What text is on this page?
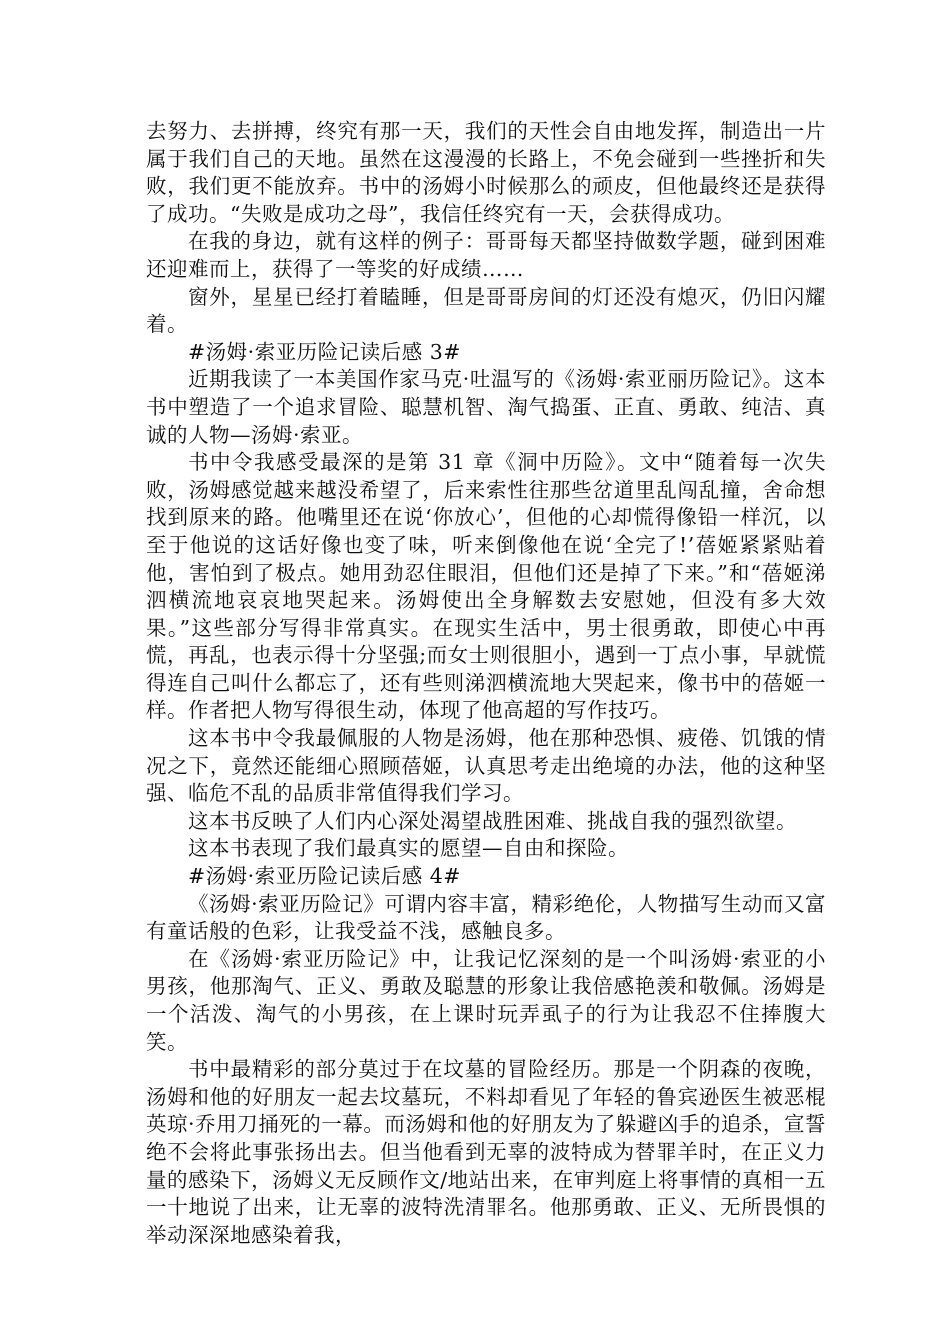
去努力、去拼搏，终究有那一天，我们的天性会自由地发挥，制造出一片属于我们自己的天地。虽然在这漫漫的长路上，不免会碰到一些挫折和失败，我们更不能放弃。书中的汤姆小时候那么的顽皮，但他最终还是获得了成功。“失败是成功之母”，我信任终究有一天，会获得成功。

在我的身边，就有这样的例子：哥哥每天都坚持做数学题，碰到困难还迎难而上，获得了一等奖的好成绩……

窗外，星星已经打着瞌睡，但是哥哥房间的灯还没有熄灭，仍旧闪耀着。

#汤姆·索亚历险记读后感 3#

近期我读了一本美国作家马克·吐温写的《汤姆·索亚丽历险记》。这本书中塑造了一个追求冒险、聪慧机智、淘气捣蛋、正直、勇敢、纯洁、真诚的人物—汤姆·索亚。

书中令我感受最深的是第 31 章《洞中历险》。文中“随着每一次失败，汤姆感觉越来越没希望了，后来索性往那些岔道里乱闯乱撞，舍命想找到原来的路。他嘴里还在说‘你放心’，但他的心却慌得像铅一样沉，以至于他说的这话好像也变了味，听来倒像他在说‘全完了!’蓓姬紧紧贴着他，害怕到了极点。她用劲忍住眼泪，但他们还是掉了下来。”和“蓓姬涕泗横流地哀哀地哭起来。汤姆使出全身解数去安慰她，但没有多大效果。”这些部分写得非常真实。在现实生活中，男士很勇敢，即使心中再慌，再乱，也表示得十分坚强;而女士则很胆小，遇到一丁点小事，早就慌得连自己叫什么都忘了，还有些则涕泗横流地大哭起来，像书中的蓓姬一样。作者把人物写得很生动，体现了他高超的写作技巧。

这本书中令我最佩服的人物是汤姆，他在那种恐惧、疲倦、饥饿的情况之下，竟然还能细心照顾蓓姬，认真思考走出绝境的办法，他的这种坚强、临危不乱的品质非常值得我们学习。

这本书反映了人们内心深处渴望战胜困难、挑战自我的强烈欲望。

这本书表现了我们最真实的愿望—自由和探险。

#汤姆·索亚历险记读后感 4#

《汤姆·索亚历险记》可谓内容丰富，精彩绝伦，人物描写生动而又富有童话般的色彩，让我受益不浅，感触良多。

在《汤姆·索亚历险记》中，让我记忆深刻的是一个叫汤姆·索亚的小男孩，他那淘气、正义、勇敢及聪慧的形象让我倍感艳羡和敬佩。汤姆是一个活泼、淘气的小男孩，在上课时玩弄虱子的行为让我忍不住捧腹大笑。

书中最精彩的部分莫过于在坟墓的冒险经历。那是一个阴森的夜晚，汤姆和他的好朋友一起去坟墓玩，不料却看见了年轻的鲁宾逊医生被恶棍英琼·乔用刀捅死的一幕。而汤姆和他的好朋友为了躲避凶手的追杀，宣誓绝不会将此事张扬出去。但当他看到无辜的波特成为替罪羊时，在正义力量的感染下，汤姆义无反顾作文/地站出来，在审判庭上将事情的真相一五一十地说了出来，让无辜的波特洗清罪名。他那勇敢、正义、无所畏惧的举动深深地感染着我，
